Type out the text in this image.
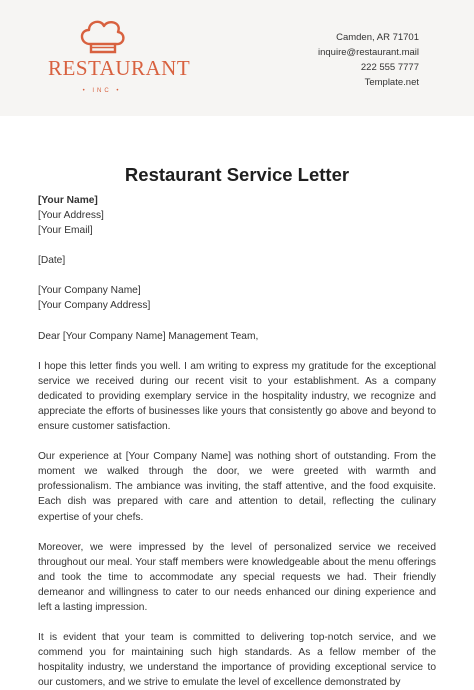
RESTAURANT
• INC •
Camden, AR 71701
inquire@restaurant.mail
222 555 7777
Template.net
Restaurant Service Letter
[Your Name]
[Your Address]
[Your Email]
[Date]
[Your Company Name]
[Your Company Address]
Dear [Your Company Name] Management Team,
I hope this letter finds you well. I am writing to express my gratitude for the exceptional service we received during our recent visit to your establishment. As a company dedicated to providing exemplary service in the hospitality industry, we recognize and appreciate the efforts of businesses like yours that consistently go above and beyond to ensure customer satisfaction.
Our experience at [Your Company Name] was nothing short of outstanding. From the moment we walked through the door, we were greeted with warmth and professionalism. The ambiance was inviting, the staff attentive, and the food exquisite. Each dish was prepared with care and attention to detail, reflecting the culinary expertise of your chefs.
Moreover, we were impressed by the level of personalized service we received throughout our meal. Your staff members were knowledgeable about the menu offerings and took the time to accommodate any special requests we had. Their friendly demeanor and willingness to cater to our needs enhanced our dining experience and left a lasting impression.
It is evident that your team is committed to delivering top-notch service, and we commend you for maintaining such high standards. As a fellow member of the hospitality industry, we understand the importance of providing exceptional service to our customers, and we strive to emulate the level of excellence demonstrated by
